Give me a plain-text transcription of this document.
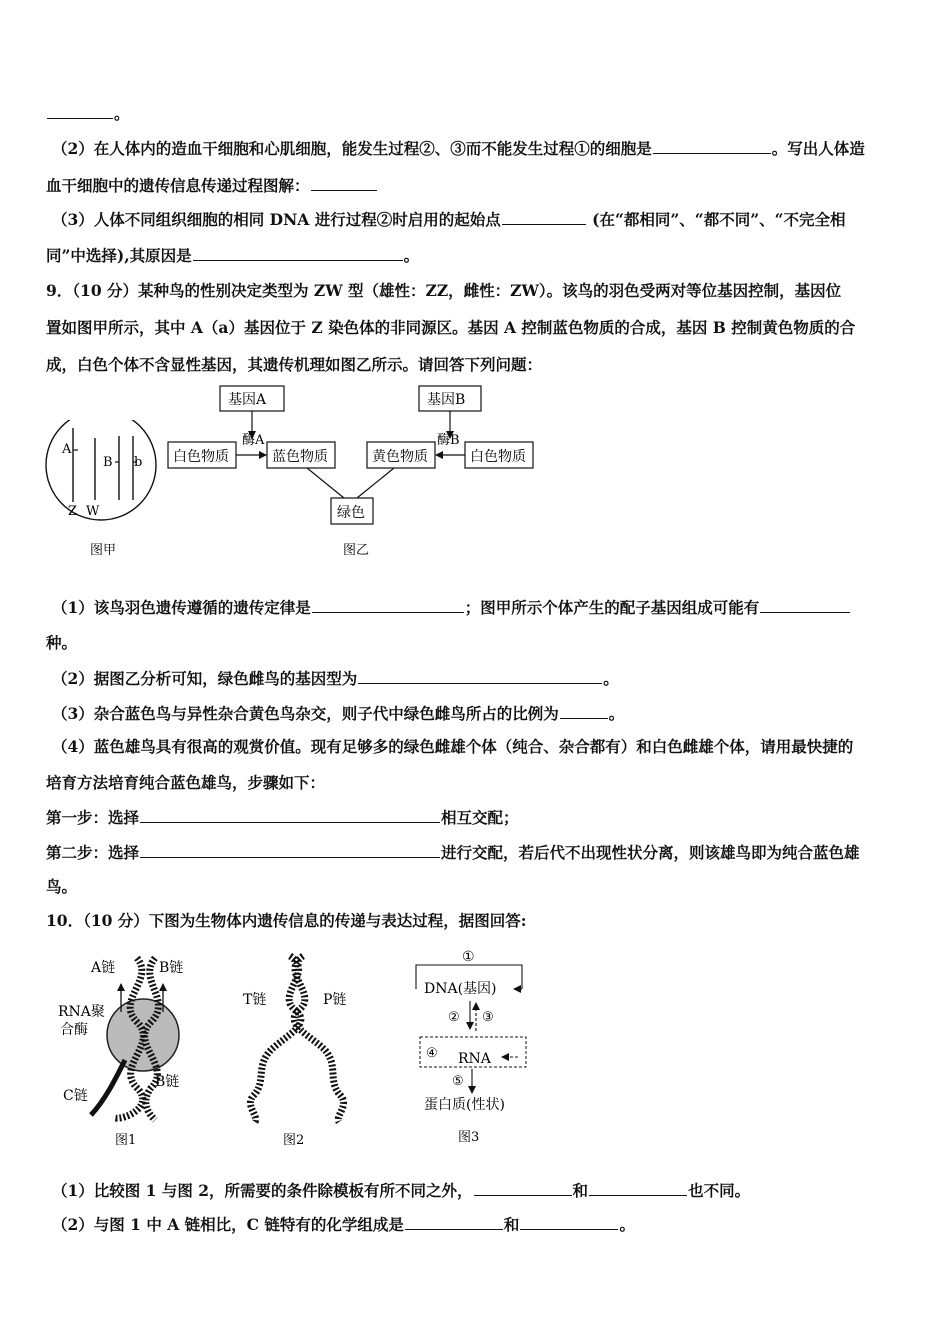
。
（2）在人体内的造血干细胞和心肌细胞，能发生过程②、③而不能发生过程①的细胞是	。写出人体造
血干细胞中的遗传信息传递过程图解：
（3）人体不同组织细胞的相同 DNA 进行过程②时启用的起始点	(在“都相同”、“都不同”、“不完全相
同”中选择),其原因是	。
9．（10 分）某种鸟的性别决定类型为 ZW 型（雄性：ZZ，雌性：ZW）。该鸟的羽色受两对等位基因控制，基因位
置如图甲所示，其中 A（a）基因位于 Z 染色体的非同源区。基因 A 控制蓝色物质的合成，基因 B 控制黄色物质的合
成，白色个体不含显性基因，其遗传机理如图乙所示。请回答下列问题：
A
B b
Z W
图甲
基因A	基因B
酶A	酶B
白色物质	蓝色物质	黄色物质	白色物质
绿色
图乙
（1）该鸟羽色遗传遵循的遗传定律是	；图甲所示个体产生的配子基因组成可能有
种。
（2）据图乙分析可知，绿色雌鸟的基因型为	。
（3）杂合蓝色鸟与异性杂合黄色鸟杂交，则子代中绿色雌鸟所占的比例为	。
（4）蓝色雄鸟具有很高的观赏价值。现有足够多的绿色雌雄个体（纯合、杂合都有）和白色雌雄个体，请用最快捷的
培育方法培育纯合蓝色雄鸟，步骤如下：
第一步：选择	相互交配；
第二步：选择	进行交配，若后代不出现性状分离，则该雄鸟即为纯合蓝色雄
鸟。
10．（10 分）下图为生物体内遗传信息的传递与表达过程，据图回答:
A链	B链
RNA聚
合酶
C链
B链
图1
T链	P链
图2
①
DNA(基因)
② ③
④ RNA
⑤
蛋白质(性状)
图3
（1）比较图 1 与图 2，所需要的条件除模板有所不同之外，	和	也不同。
（2）与图 1 中 A 链相比，C 链特有的化学组成是	和	。
